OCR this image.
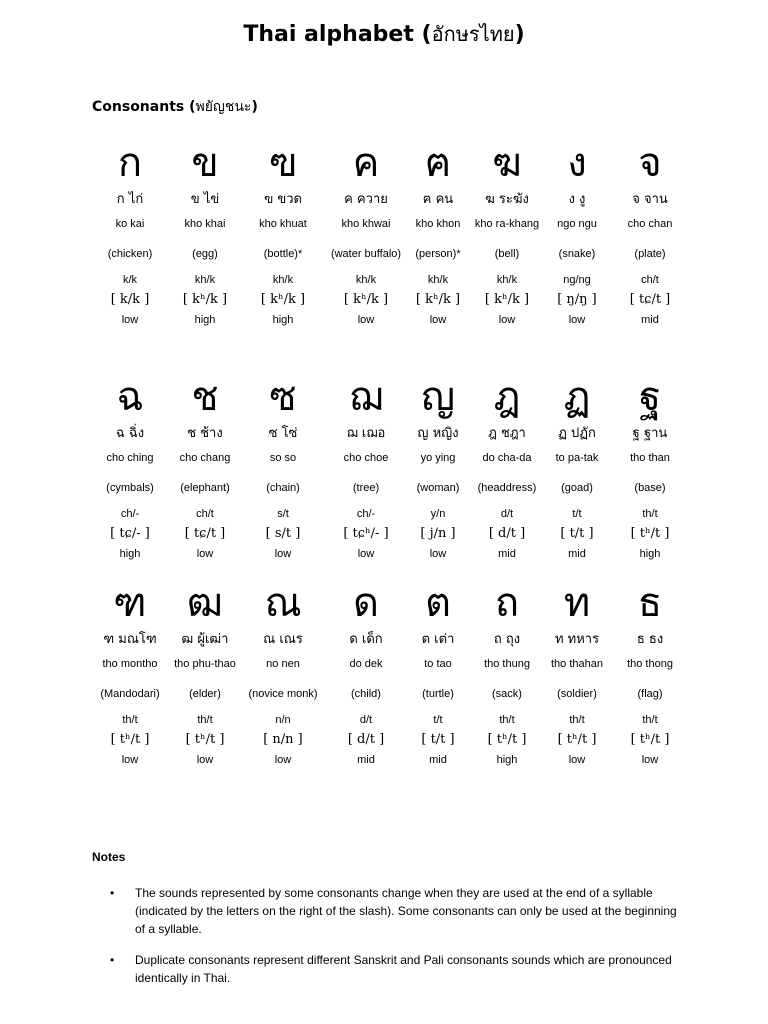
Thai alphabet (อักษรไทย)
Consonants (พยัญชนะ)
ก
ก ไก่
ko kai
(chicken)
k/k
[ k/k ]
low
ข
ข ไข่
kho khai
(egg)
kh/k
[ kʰ/k ]
high
ฃ
ฃ ขวด
kho khuat
(bottle)*
kh/k
[ kʰ/k ]
high
ค
ค ควาย
kho khwai
(water buffalo)
kh/k
[ kʰ/k ]
low
ฅ
ฅ คน
kho khon
(person)*
kh/k
[ kʰ/k ]
low
ฆ
ฆ ระฆัง
kho ra-khang
(bell)
kh/k
[ kʰ/k ]
low
ง
ง งู
ngo ngu
(snake)
ng/ng
[ ŋ/ŋ ]
low
จ
จ จาน
cho chan
(plate)
ch/t
[ tɕ/t ]
mid
ฉ
ฉ ฉิ่ง
cho ching
(cymbals)
ch/-
[ tɕ/- ]
high
ช
ช ช้าง
cho chang
(elephant)
ch/t
[ tɕ/t ]
low
ซ
ซ โซ่
so so
(chain)
s/t
[ s/t ]
low
ฌ
ฌ เฌอ
cho choe
(tree)
ch/-
[ tɕʰ/- ]
low
ญ
ญ หญิง
yo ying
(woman)
y/n
[ j/n ]
low
ฎ
ฎ ชฎา
do cha-da
(headdress)
d/t
[ d/t ]
mid
ฏ
ฏ ปฏัก
to pa-tak
(goad)
t/t
[ t/t ]
mid
ฐ
ฐ ฐาน
tho than
(base)
th/t
[ tʰ/t ]
high
ฑ
ฑ มณโฑ
tho montho
(Mandodari)
th/t
[ tʰ/t ]
low
ฒ
ฒ ผู้เฒ่า
tho phu-thao
(elder)
th/t
[ tʰ/t ]
low
ณ
ณ เณร
no nen
(novice monk)
n/n
[ n/n ]
low
ด
ด เด็ก
do dek
(child)
d/t
[ d/t ]
mid
ต
ต เต่า
to tao
(turtle)
t/t
[ t/t ]
mid
ถ
ถ ถุง
tho thung
(sack)
th/t
[ tʰ/t ]
high
ท
ท ทหาร
tho thahan
(soldier)
th/t
[ tʰ/t ]
low
ธ
ธ ธง
tho thong
(flag)
th/t
[ tʰ/t ]
low
Notes
• The sounds represented by some consonants change when they are used at the end of a syllable (indicated by the letters on the right of the slash). Some consonants can only be used at the beginning of a syllable.
• Duplicate consonants represent different Sanskrit and Pali consonants sounds which are pronounced identically in Thai.
